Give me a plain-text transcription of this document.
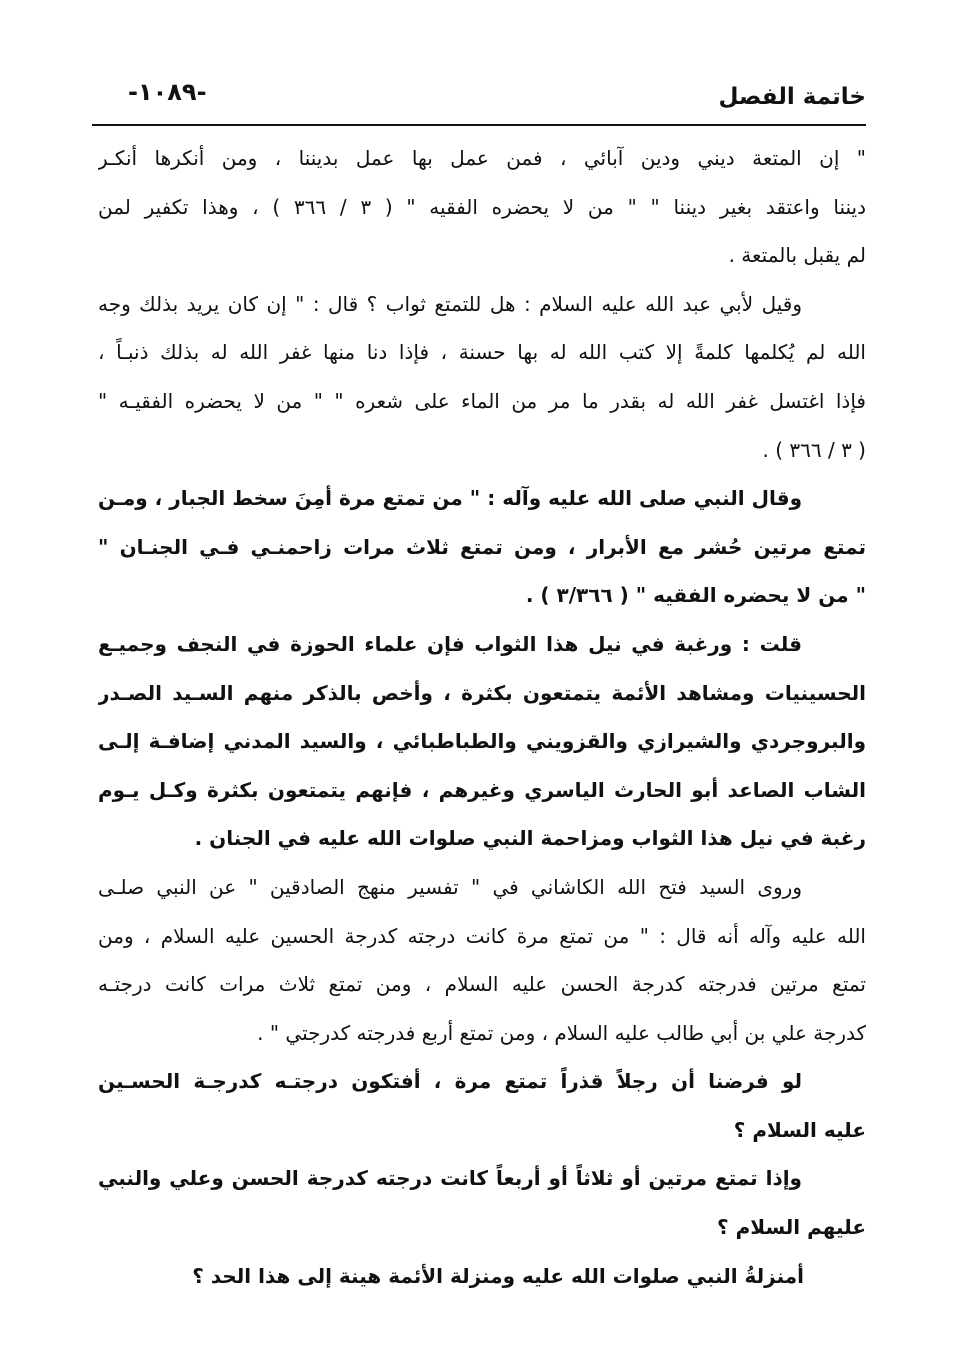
خاتمة الفصل
-١٠٨٩-
" إن المتعة ديني ودين آبائي ، فمن عمل بها عمل بديننا ، ومن أنكرها أنكـر
ديننا واعتقد بغير ديننا " " من لا يحضره الفقيه " ( ٣ / ٣٦٦ ) ، وهذا تكفير لمن
لم يقبل بالمتعة .
وقيل لأبي عبد الله عليه السلام : هل للتمتع ثواب ؟ قال : " إن كان يريد بذلك وجه
الله لم يُكلمها كلمةً إلا كتب الله له بها حسنة ، فإذا دنا منها غفر الله له بذلك ذنبـاً ،
فإذا اغتسل غفر الله له بقدر ما مر من الماء على شعره " " من لا يحضره الفقيـه "
( ٣ / ٣٦٦ ) .
وقال النبي صلى الله عليه وآله : " من تمتع مرة أمِنَ سخط الجبار ، ومـن
تمتع مرتين حُشر مع الأبرار ، ومن تمتع ثلاث مرات زاحمنـي فـي الجنـان "
" من لا يحضره الفقيه " ( ٣/٣٦٦ ) .
قلت : ورغبة في نيل هذا الثواب فإن علماء الحوزة في النجف وجميـع
الحسينيات ومشاهد الأئمة يتمتعون بكثرة ، وأخص بالذكر منهم السـيد الصـدر
والبروجردي والشيرازي والقزويني والطباطبائي ، والسيد المدني إضافـة إلـى
الشاب الصاعد أبو الحارث الياسري وغيرهم ، فإنهم يتمتعون بكثرة وكـل يـوم
رغبة في نيل هذا الثواب ومزاحمة النبي صلوات الله عليه في الجنان .
وروى السيد فتح الله الكاشاني في " تفسير منهج الصادقين " عن النبي صلـى
الله عليه وآله أنه قال : " من تمتع مرة كانت درجته كدرجة الحسين عليه السلام ، ومن
تمتع مرتين فدرجته كدرجة الحسن عليه السلام ، ومن تمتع ثلاث مرات كانت درجتـه
كدرجة علي بن أبي طالب عليه السلام ، ومن تمتع أربع فدرجته كدرجتي " .
لو فرضنا أن رجلاً قذراً تمتع مرة ، أفتكون درجتـه كدرجـة الحسـين
عليه السلام ؟
وإذا تمتع مرتين أو ثلاثاً أو أربعاً كانت درجته كدرجة الحسن وعلي والنبي
عليهم السلام ؟
أمنزلةُ النبي صلوات الله عليه ومنزلة الأئمة هينة إلى هذا الحد ؟
